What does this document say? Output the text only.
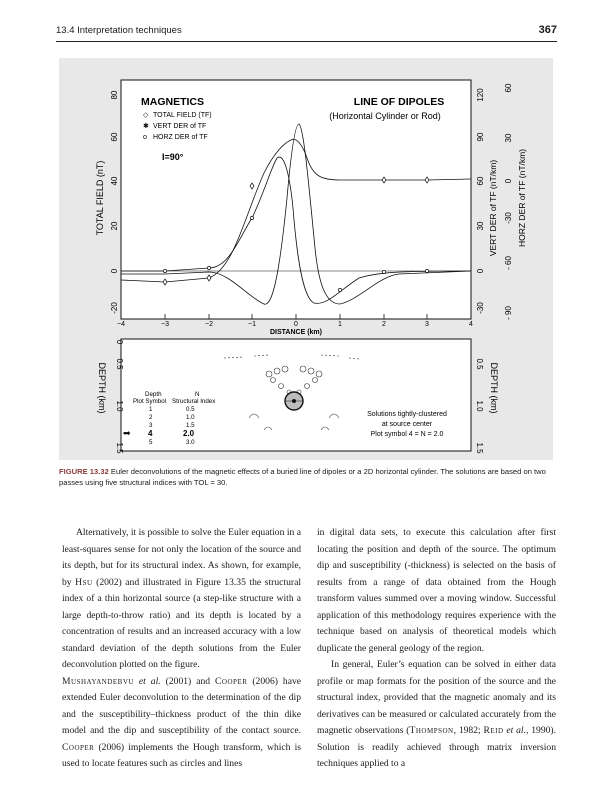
13.4 Interpretation techniques	367
MAGNETICS
◇ TOTAL FIELD (TF)
✱ VERT DER of TF
o HORZ DER of TF
I=90°
LINE OF DIPOLES
(Horizontal Cylinder or Rod)
−4	−3	−2	−1	0	1	2	3	4
DISTANCE (km)
80
60
40
20
0
-20
TOTAL FIELD (nT)
120
90
60
30
0
-30
VERT DER of TF (nT/km)
60
30
0
-30
- 60
- 90
HORZ DER of TF (nT/km)
0
0.5
1.0
1.5
DEPTH (km)	0.5
1.0
1.5
DEPTH (km)
Depth	N
Plot Symbol Structural Index
1	0.5
2	1.0
3	1.5
➡ 4	2.0
5	3.0
Solutions tightly-clustered
at source center
Plot symbol 4 = N = 2.0
FIGURE 13.32 Euler deconvolutions of the magnetic effects of a buried line of dipoles or a 2D horizontal cylinder. The solutions are based on two passes using five structural indices with TOL = 30.

Alternatively, it is possible to solve the Euler equation in a least-squares sense for not only the location of the source and its depth, but for its structural index. As shown, for example, by Hsu (2002) and illustrated in Figure 13.35 the structural index of a thin horizontal source (a step-like structure with a large depth-to-throw ratio) and its depth is located by a concentration of results and an increased accuracy with a low standard deviation of the depth solutions from the Euler deconvolution plotted on the figure.

Mushayandebvu et al. (2001) and Cooper (2006) have extended Euler deconvolution to the determination of the dip and the susceptibility–thickness product of the thin dike model and the dip and susceptibility of the contact source. Cooper (2006) implements the Hough transform, which is used to locate features such as circles and lines

in digital data sets, to execute this calculation after first locating the position and depth of the source. The optimum dip and susceptibility (-thickness) is selected on the basis of results from a range of data obtained from the Hough transform values summed over a moving window. Successful application of this methodology requires experience with the technique based on analysis of theoretical models which duplicate the general geology of the region.

In general, Euler’s equation can be solved in either data profile or map formats for the position of the source and the structural index, provided that the magnetic anomaly and its derivatives can be measured or calculated accurately from the magnetic observations (Thompson, 1982; Reid et al., 1990). Solution is readily achieved through matrix inversion techniques applied to a
